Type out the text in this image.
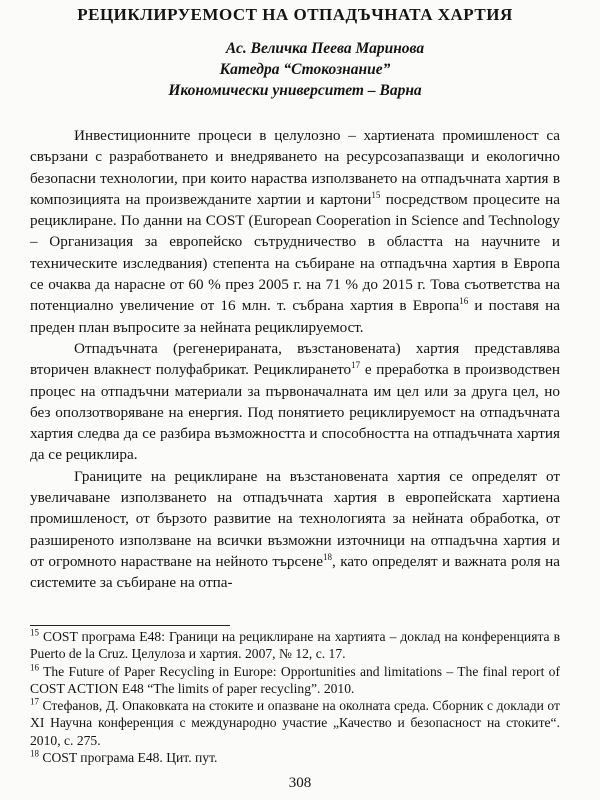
РЕЦИКЛИРУЕМОСТ НА ОТПАДЪЧНАТА ХАРТИЯ
Ас. Величка Пеева Маринова
Катедра “Стокознание”
Икономически университет – Варна

Инвестиционните процеси в целулозно – хартиената промишленост са свързани с разработването и внедряването на ресурсозапазващи и екологично безопасни технологии, при които нараства използването на отпадъчната хартия в композицията на произвежданите хартии и картони$^{15}$ посредством процесите на рециклиране. По данни на COST (European Cooperation in Science and Technology – Организация за европейско сътрудничество в областта на научните и техническите изследвания) степента на събиране на отпадъчна хартия в Европа се очаква да нарасне от 60 % през 2005 г. на 71 % до 2015 г. Това съответства на потенциално увеличение от 16 млн. т. събрана хартия в Европа$^{16}$ и поставя на преден план въпросите за нейната рециклируемост.

Отпадъчната (регенерираната, възстановената) хартия представлява вторичен влакнест полуфабрикат. Рециклирането$^{17}$ е преработка в производствен процес на отпадъчни материали за първоначалната им цел или за друга цел, но без оползотворяване на енергия. Под понятието рециклируемост на отпадъчната хартия следва да се разбира възможността и способността на отпадъчната хартия да се рециклира.

Границите на рециклиране на възстановената хартия се определят от увеличаване използването на отпадъчната хартия в европейската хартиена промишленост, от бързото развитие на технологията за нейната обработка, от разширеното използване на всички възможни източници на отпадъчна хартия и от огромното нарастване на нейното търсене$^{18}$, като определят и важната роля на системите за събиране на отпа-

$^{15}$ COST програма Е48: Граници на рециклиране на хартията – доклад на конференцията в Puerto de la Cruz. Целулоза и хартия. 2007, № 12, с. 17.

$^{16}$ The Future of Paper Recycling in Europe: Opportunities and limitations – The final report of COST ACTION E48 “The limits of paper recycling”. 2010.

$^{17}$ Стефанов, Д. Опаковката на стоките и опазване на околната среда. Сборник с доклади от XI Научна конференция с международно участие „Качество и безопасност на стоките“. 2010, с. 275.

$^{18}$ COST програма Е48. Цит. пут.

308
